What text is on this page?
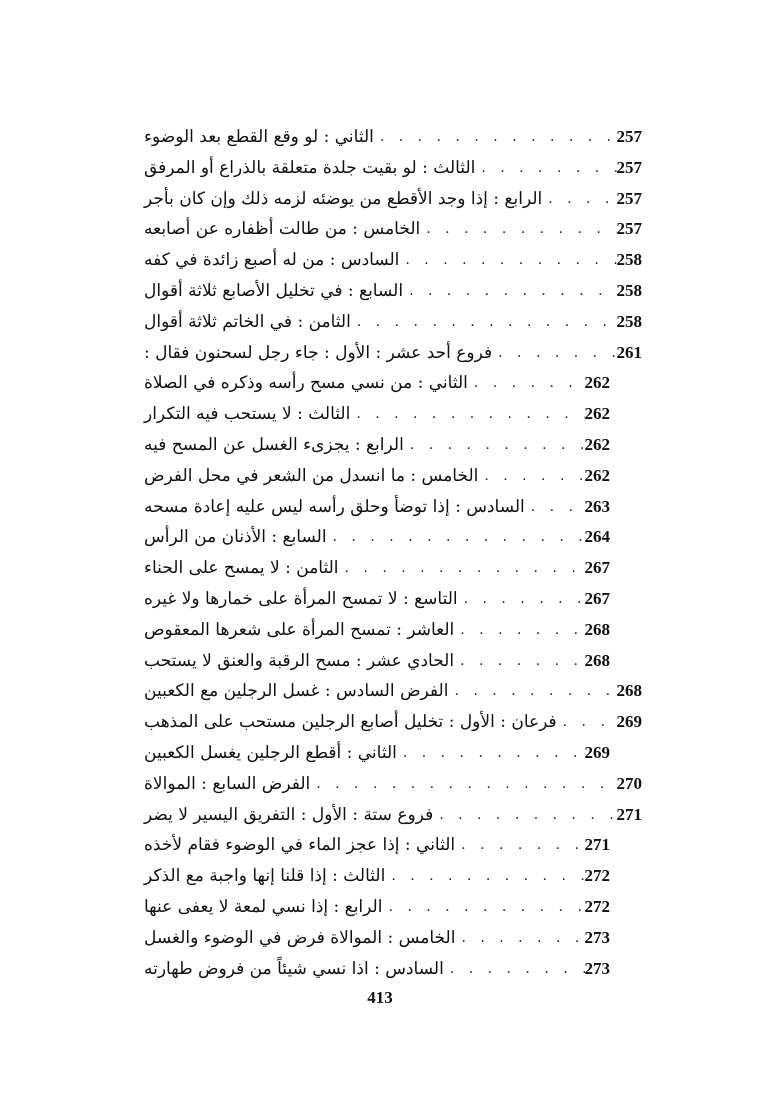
الثاني : لو وقع القطع بعد الوضوء . . .	257
الثالث : لو بقيت جلدة متعلقة بالذراع أو المرفق . . .	257
الرابع : إذا وجد الأقطع من يوضئه لزمه ذلك وإن كان بأجر . . .	257
الخامس : من طالت أظفاره عن أصابعه . . .	257
السادس : من له أصبع زائدة في كفه . . .	258
السابع : في تخليل الأصابع ثلاثة أقوال . . .	258
الثامن : في الخاتم ثلاثة أقوال . . .	258
فروع أحد عشر : الأول : جاء رجل لسحنون فقال : . . .	261
الثاني : من نسي مسح رأسه وذكره في الصلاة . . .	262
الثالث : لا يستحب فيه التكرار . . .	262
الرابع : يجزىء الغسل عن المسح فيه . . .	262
الخامس : ما انسدل من الشعر في محل الفرض . . .	262
السادس : إذا توضأ وحلق رأسه ليس عليه إعادة مسحه . . .	263
السابع : الأذنان من الرأس . . .	264
الثامن : لا يمسح على الحناء . . .	267
التاسع : لا تمسح المرأة على خمارها ولا غيره . . .	267
العاشر : تمسح المرأة على شعرها المعقوص . . .	268
الحادي عشر : مسح الرقبة والعنق لا يستحب . . .	268
الفرض السادس : غسل الرجلين مع الكعبين . . .	268
فرعان : الأول : تخليل أصابع الرجلين مستحب على المذهب . . .	269
الثاني : أقطع الرجلين يغسل الكعبين . . .	269
الفرض السابع : الموالاة . . .	270
فروع ستة : الأول : التفريق اليسير لا يضر . . .	271
الثاني : إذا عجز الماء في الوضوء فقام لأخذه . . .	271
الثالث : إذا قلنا إنها واجبة مع الذكر . . .	272
الرابع : إذا نسي لمعة لا يعفى عنها . . .	272
الخامس : الموالاة فرض في الوضوء والغسل . . .	273
السادس : اذا نسي شيئاً من فروض طهارته . . .	273
413
